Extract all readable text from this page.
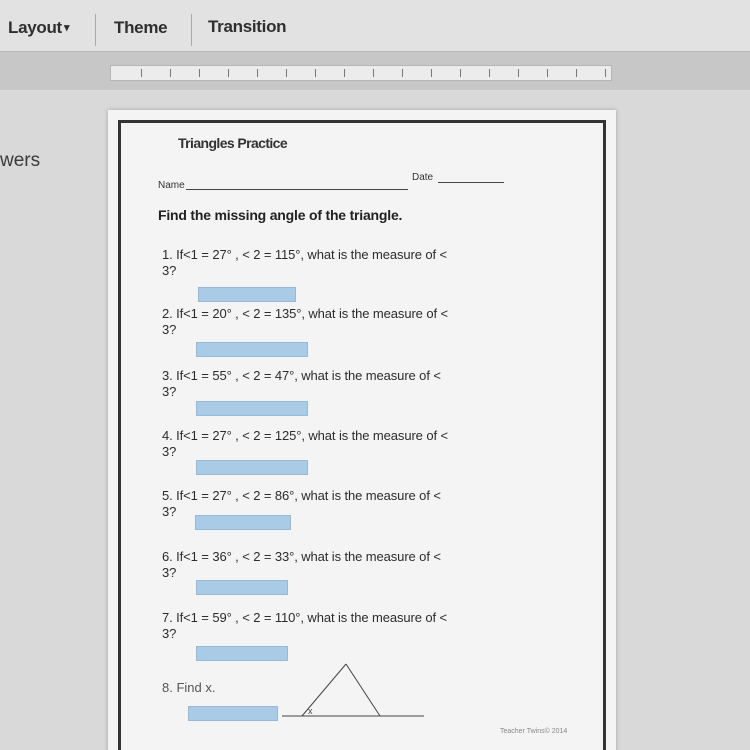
Layout ▾	Theme Transition
wers
Triangles Practice
Name
Date
Find the missing angle of the triangle.
1. If<1 = 27° , < 2 = 115°, what is the measure of <
3?
2. If<1 = 20° , < 2 = 135°, what is the measure of <
3?
3. If<1 = 55° , < 2 = 47°, what is the measure of <
3?
4. If<1 = 27° , < 2 = 125°, what is the measure of <
3?
5. If<1 = 27° , < 2 = 86°, what is the measure of <
3?
6. If<1 = 36° , < 2 = 33°, what is the measure of <
3?
7. If<1 = 59° , < 2 = 110°, what is the measure of <
3?
8. Find x.
x
Teacher Twins© 2014
